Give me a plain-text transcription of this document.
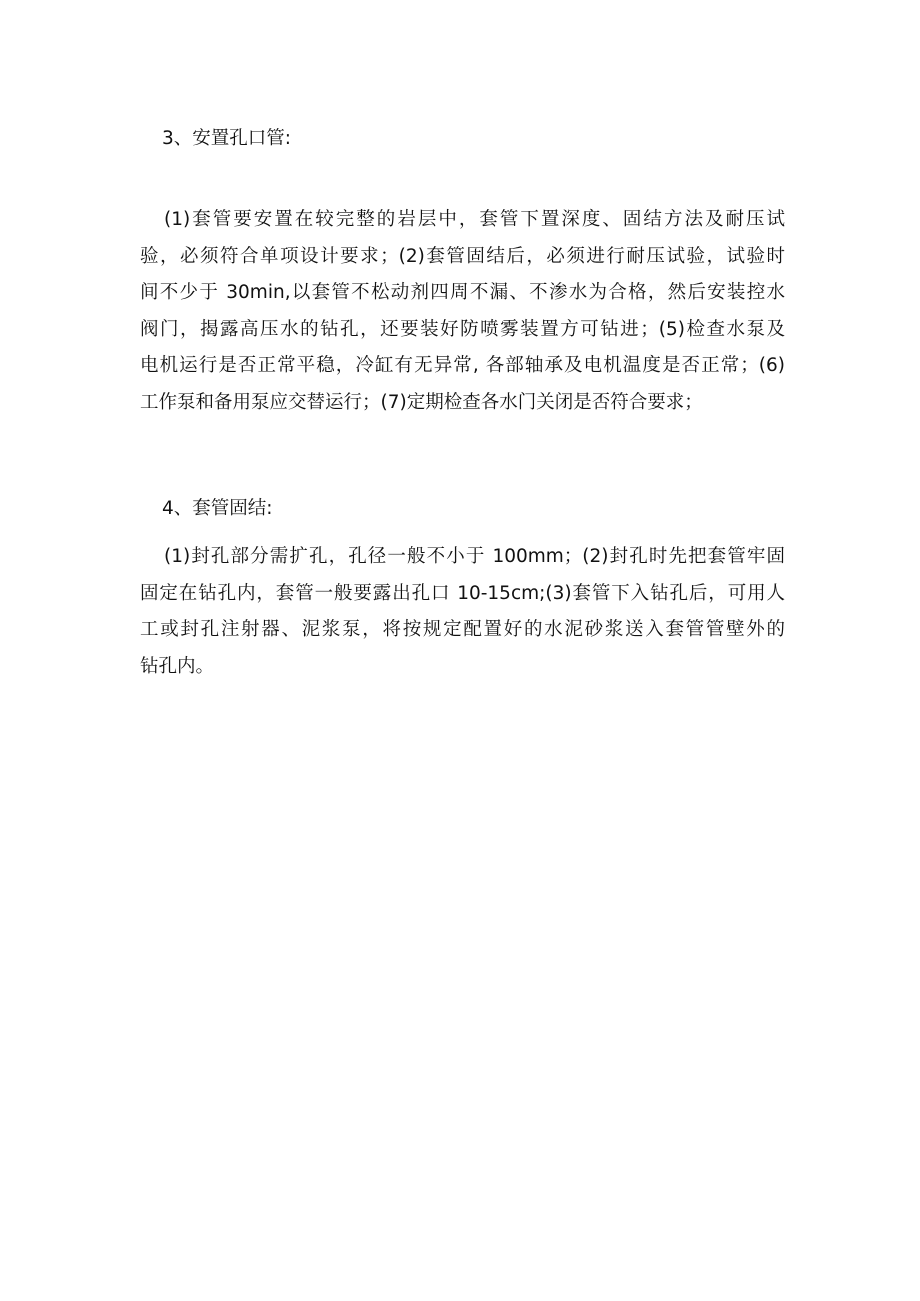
3、安置孔口管:
(1)套管要安置在较完整的岩层中，套管下置深度、固结方法及耐压试
验，必须符合单项设计要求；(2)套管固结后，必须进行耐压试验，试验时
间不少于 30min,以套管不松动剂四周不漏、不渗水为合格，然后安装控水
阀门，揭露高压水的钻孔，还要装好防喷雾装置方可钻进；(5)检查水泵及
电机运行是否正常平稳，冷缸有无异常, 各部轴承及电机温度是否正常；(6)
工作泵和备用泵应交替运行；(7)定期检查各水门关闭是否符合要求；
4、套管固结:
(1)封孔部分需扩孔，孔径一般不小于 100mm；(2)封孔时先把套管牢固
固定在钻孔内，套管一般要露出孔口 10-15cm;(3)套管下入钻孔后，可用人
工或封孔注射器、泥浆泵，将按规定配置好的水泥砂浆送入套管管壁外的
钻孔内。
